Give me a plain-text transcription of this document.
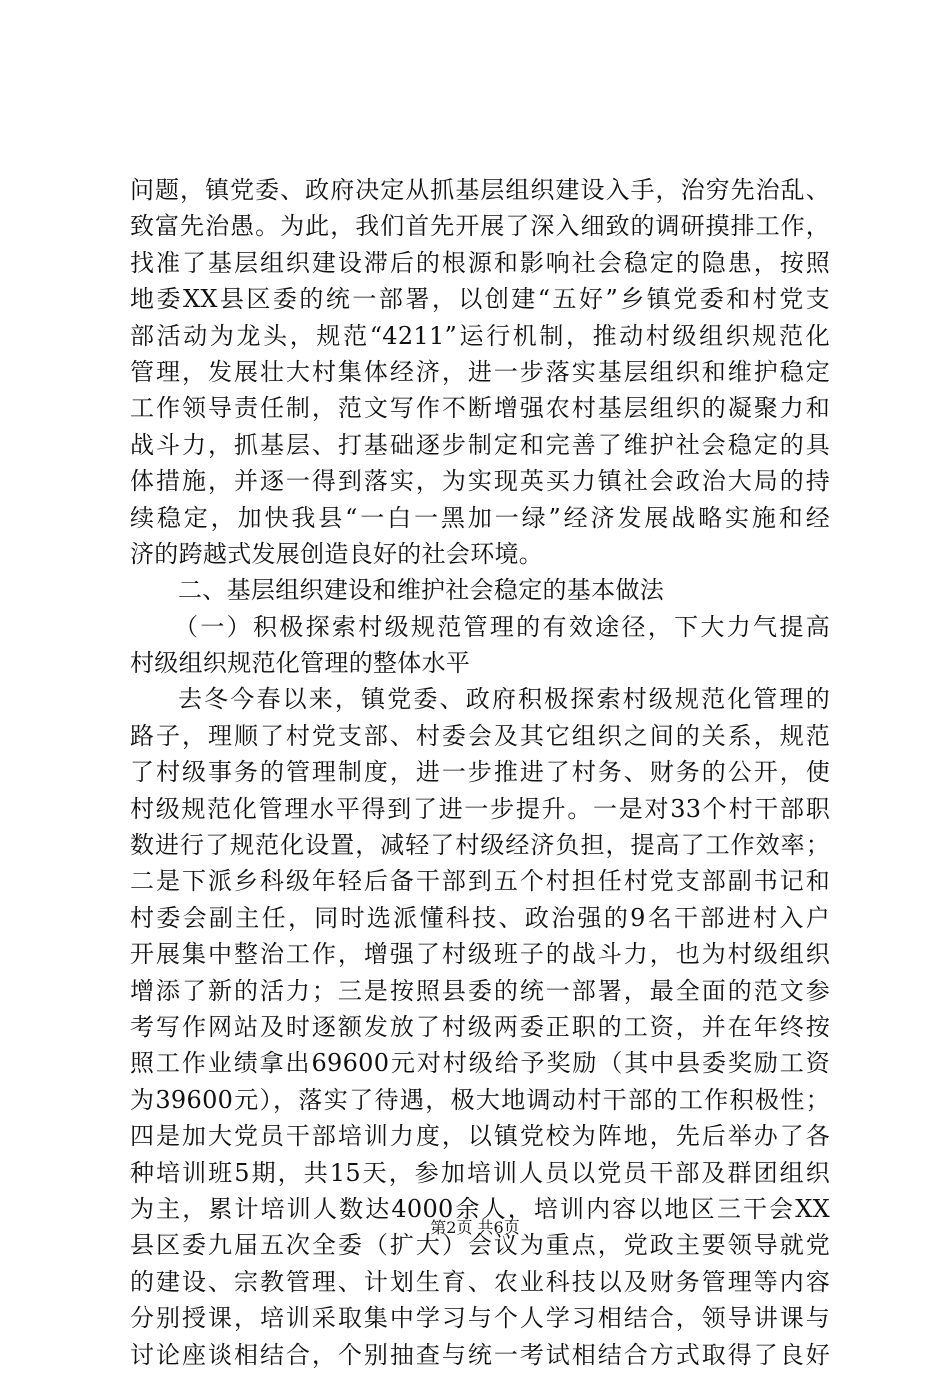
问题，镇党委、政府决定从抓基层组织建设入手，治穷先治乱、
致富先治愚。为此，我们首先开展了深入细致的调研摸排工作，
找准了基层组织建设滞后的根源和影响社会稳定的隐患，按照
地委XX县区委的统一部署，以创建“五好”乡镇党委和村党支
部活动为龙头，规范“4211”运行机制，推动村级组织规范化
管理，发展壮大村集体经济，进一步落实基层组织和维护稳定
工作领导责任制，范文写作不断增强农村基层组织的凝聚力和
战斗力，抓基层、打基础逐步制定和完善了维护社会稳定的具
体措施，并逐一得到落实，为实现英买力镇社会政治大局的持
续稳定，加快我县“一白一黑加一绿”经济发展战略实施和经
济的跨越式发展创造良好的社会环境。
二、基层组织建设和维护社会稳定的基本做法
（一）积极探索村级规范管理的有效途径，下大力气提高
村级组织规范化管理的整体水平
去冬今春以来，镇党委、政府积极探索村级规范化管理的
路子，理顺了村党支部、村委会及其它组织之间的关系，规范
了村级事务的管理制度，进一步推进了村务、财务的公开，使
村级规范化管理水平得到了进一步提升。一是对33个村干部职
数进行了规范化设置，减轻了村级经济负担，提高了工作效率；
二是下派乡科级年轻后备干部到五个村担任村党支部副书记和
村委会副主任，同时选派懂科技、政治强的9名干部进村入户
开展集中整治工作，增强了村级班子的战斗力，也为村级组织
增添了新的活力；三是按照县委的统一部署，最全面的范文参
考写作网站及时逐额发放了村级两委正职的工资，并在年终按
照工作业绩拿出69600元对村级给予奖励（其中县委奖励工资
为39600元），落实了待遇，极大地调动村干部的工作积极性；
四是加大党员干部培训力度，以镇党校为阵地，先后举办了各
种培训班5期，共15天，参加培训人员以党员干部及群团组织
为主，累计培训人数达4000余人，培训内容以地区三干会XX
县区委九届五次全委（扩大）会议为重点，党政主要领导就党
的建设、宗教管理、计划生育、农业科技以及财务管理等内容
分别授课，培训采取集中学习与个人学习相结合，领导讲课与
讨论座谈相结合，个别抽查与统一考试相结合方式取得了良好
第2页 共6页
